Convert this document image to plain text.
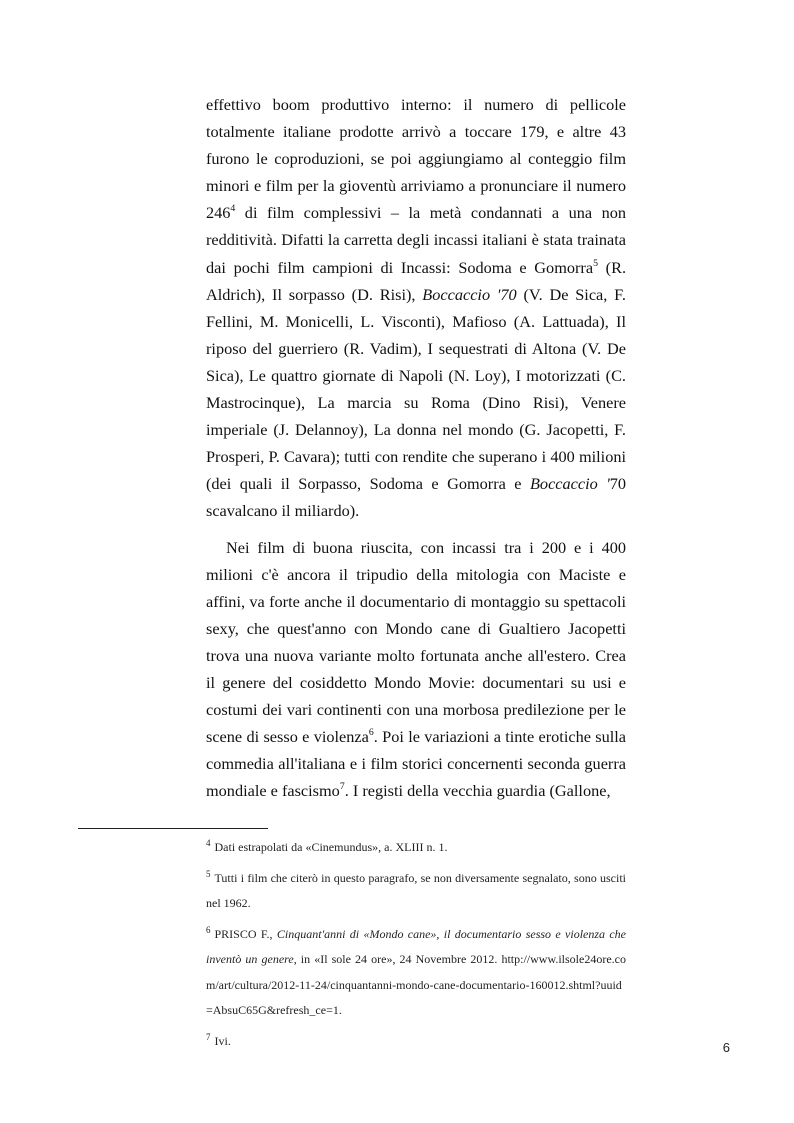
effettivo boom produttivo interno: il numero di pellicole totalmente italiane prodotte arrivò a toccare 179, e altre 43 furono le coproduzioni, se poi aggiungiamo al conteggio film minori e film per la gioventù arriviamo a pronunciare il numero $246^4$ di film complessivi – la metà condannati a una non redditività. Difatti la carretta degli incassi italiani è stata trainata dai pochi film campioni di Incassi: Sodoma e Gomorra$^5$ (R. Aldrich), Il sorpasso (D. Risi), Boccaccio '70 (V. De Sica, F. Fellini, M. Monicelli, L. Visconti), Mafioso (A. Lattuada), Il riposo del guerriero (R. Vadim), I sequestrati di Altona (V. De Sica), Le quattro giornate di Napoli (N. Loy), I motorizzati (C. Mastrocinque), La marcia su Roma (Dino Risi), Venere imperiale (J. Delannoy), La donna nel mondo (G. Jacopetti, F. Prosperi, P. Cavara); tutti con rendite che superano i 400 milioni (dei quali il Sorpasso, Sodoma e Gomorra e Boccaccio '70 scavalcano il miliardo).

Nei film di buona riuscita, con incassi tra i 200 e i 400 milioni c'è ancora il tripudio della mitologia con Maciste e affini, va forte anche il documentario di montaggio su spettacoli sexy, che quest'anno con Mondo cane di Gualtiero Jacopetti trova una nuova variante molto fortunata anche all'estero. Crea il genere del cosiddetto Mondo Movie: documentari su usi e costumi dei vari continenti con una morbosa predilezione per le scene di sesso e violenza$^6$. Poi le variazioni a tinte erotiche sulla commedia all'italiana e i film storici concernenti seconda guerra mondiale e fascismo$^7$. I registi della vecchia guardia (Gallone,

$^4$ Dati estrapolati da «Cinemundus», a. XLIII n. 1.

$^5$ Tutti i film che citerò in questo paragrafo, se non diversamente segnalato, sono usciti nel 1962.

$^6$ PRISCO F., Cinquant'anni di «Mondo cane», il documentario sesso e violenza che inventò un genere, in «Il sole 24 ore», 24 Novembre 2012. http://www.ilsole24ore.com/art/cultura/2012-11-24/cinquantanni-mondo-cane-documentario-160012.shtml?uuid=AbsuC65G&refresh_ce=1.

$^7$ Ivi.	6
